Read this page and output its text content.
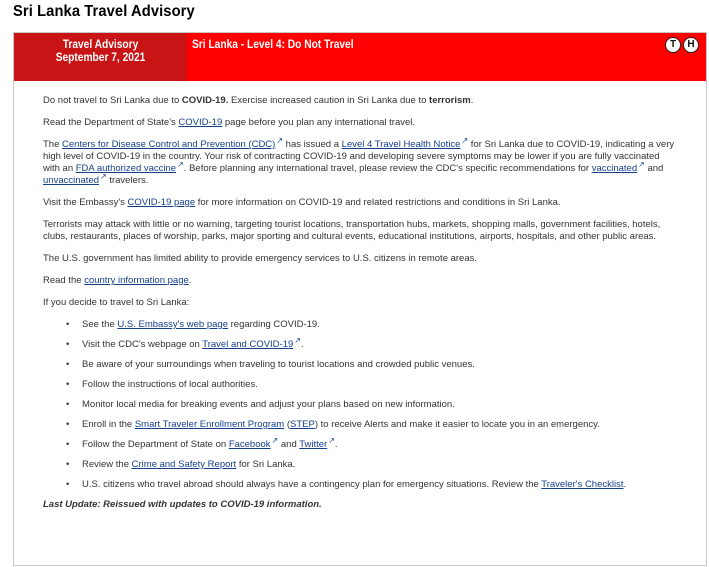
Sri Lanka Travel Advisory
Travel Advisory
September 7, 2021
Sri Lanka - Level 4: Do Not Travel	T	H

Do not travel to Sri Lanka due to COVID-19. Exercise increased caution in Sri Lanka due to terrorism.

Read the Department of State's COVID-19 page before you plan any international travel.

The Centers for Disease Control and Prevention (CDC)↗ has issued a Level 4 Travel Health Notice↗ for Sri Lanka due to COVID-19, indicating a very high level of COVID-19 in the country. Your risk of contracting COVID-19 and developing severe symptoms may be lower if you are fully vaccinated with an FDA authorized vaccine↗. Before planning any international travel, please review the CDC's specific recommendations for vaccinated↗ and unvaccinated↗ travelers.

Visit the Embassy's COVID-19 page for more information on COVID-19 and related restrictions and conditions in Sri Lanka.

Terrorists may attack with little or no warning, targeting tourist locations, transportation hubs, markets, shopping malls, government facilities, hotels, clubs, restaurants, places of worship, parks, major sporting and cultural events, educational institutions, airports, hospitals, and other public areas.

The U.S. government has limited ability to provide emergency services to U.S. citizens in remote areas.

Read the country information page.

If you decide to travel to Sri Lanka:

• See the U.S. Embassy's web page regarding COVID-19.
• Visit the CDC's webpage on Travel and COVID-19↗.
• Be aware of your surroundings when traveling to tourist locations and crowded public venues.
• Follow the instructions of local authorities.
• Monitor local media for breaking events and adjust your plans based on new information.
• Enroll in the Smart Traveler Enrollment Program (STEP) to receive Alerts and make it easier to locate you in an emergency.
• Follow the Department of State on Facebook↗ and Twitter↗.
• Review the Crime and Safety Report for Sri Lanka.
• U.S. citizens who travel abroad should always have a contingency plan for emergency situations. Review the Traveler's Checklist.

Last Update: Reissued with updates to COVID-19 information.
